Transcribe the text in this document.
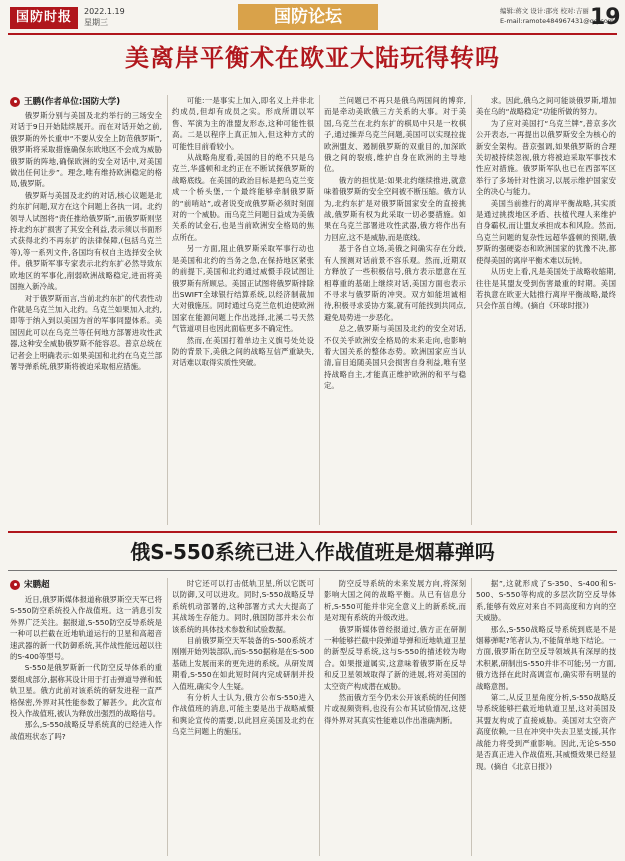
国防时报	2022.1.19
星期三	国防论坛	编辑:蒋文 设计:邵亮 校对:吉丽
E-mail:ramote484967431@qq.com
19
美离岸平衡术在欧亚大陆玩得转吗
王鹏(作者单位:国防大学)

俄罗斯分别与美国及北约举行的三场安全对话于9日开始陆续展开。而在对话开始之前,俄罗斯的外长重申“不要从安全上防范俄罗斯”,俄罗斯将采取措施确保东欧地区不会成为威胁俄罗斯的阵地,确保欧洲的安全对话中,对美国做出任何让步”。理念,唯有维持欧洲稳定的格局,俄罗斯。

俄罗斯与美国及北约的对话,核心议题是北约东扩问题,双方在这个问题上各执一词。北约领导人试图将“责任推给俄罗斯”,而俄罗斯则坚持北约东扩损害了其安全利益,表示须以书面形式获得北约不再东扩的法律保障,(包括乌克兰等),等一系列文件,各国均有权自主选择安全伙伴。俄罗斯军事专家表示北约东扩必然导致东欧地区的军事化,削弱欧洲战略稳定,进而将美国拖入新冷战。

对于俄罗斯而言,当前北约东扩的代表性动作就是乌克兰加入北约。乌克兰如果加入北约,即等于纳入到以美国为首的军事同盟体系。美国因此可以在乌克兰等任何地方部署进攻性武器,这种安全威胁俄罗斯不能容忍。普京总统在记者会上明确表示:如果美国和北约在乌克兰部署导弹系统,俄罗斯将被迫采取相应措施。

可能:一是事实上加入,即名义上并非北约成员,但却有成员之实。形成所谓以军售、军演为主的准盟友形态,这种可能性很高。二是以程序上真正加入,但这种方式的可能性目前看较小。

从战略角度看,美国的目的绝不只是乌克兰,华盛顿和北约正在不断试探俄罗斯的战略底线。在美国的政治目标是把乌克兰变成一个桥头堡,一个最终能够牵制俄罗斯的“前哨站”,或者说变成俄罗斯必须时刻面对的一个威胁。而乌克兰问题日益成为美俄关系的试金石,也是当前欧洲安全格局的焦点所在。

另一方面,阻止俄罗斯采取军事行动也是美国和北约的当务之急,在保持地区紧张的前提下,美国和北约通过威慑手段试图让俄罗斯有所顾忌。美国正试图将俄罗斯排除出SWIFT全球银行结算系统,以经济制裁加大对俄施压。同时通过乌克兰危机迫使欧洲国家在能源问题上作出选择,北溪二号天然气管道项目也因此面临更多不确定性。

然而,在美国打着单边主义旗号处处设防的背景下,美俄之间的战略互信严重缺失,对话难以取得实质性突破。

兰问题已不再只是俄乌两国间的博弈,而是牵动美欧俄三方关系的大事。对于美国,乌克兰在北约东扩的棋局中只是一枚棋子,通过操弄乌克兰问题,美国可以实现拉拢欧洲盟友、遏制俄罗斯的双重目的,加深欧俄之间的裂痕,维护自身在欧洲的主导地位。

俄方的担忧是:如果北约继续推进,就意味着俄罗斯的安全空间被不断压缩。俄方认为,北约东扩是对俄罗斯国家安全的直接挑战,俄罗斯有权为此采取一切必要措施。如果在乌克兰部署进攻性武器,俄方将作出有力回应,这不是威胁,而是底线。

基于各自立场,美俄之间确实存在分歧,有人预测对话前景不容乐观。然而,近期双方释放了一些积极信号,俄方表示愿意在互相尊重的基础上继续对话,美国方面也表示不寻求与俄罗斯的冲突。双方如能坦诚相待,积极寻求妥协方案,就有可能找到共同点,避免局势进一步恶化。

总之,俄罗斯与美国及北约的安全对话,不仅关乎欧洲安全格局的未来走向,也影响着大国关系的整体态势。欧洲国家应当认清,盲目追随美国只会损害自身利益,唯有坚持战略自主,才能真正维护欧洲的和平与稳定。

求。因此,俄乌之间可能谈俄罗斯,增加美在乌的“战略稳定”功能所做的努力。

为了应对美国打“乌克兰牌”,普京多次公开表态,一再提出以俄罗斯安全为核心的新安全架构。普京强调,如果俄罗斯的合理关切被持续忽视,俄方将被迫采取军事技术性应对措施。俄罗斯军队也已在西部军区举行了多场针对性演习,以展示维护国家安全的决心与能力。

美国当前推行的离岸平衡战略,其实质是通过挑拨地区矛盾、扶植代理人来维护自身霸权,而让盟友承担成本和风险。然而,乌克兰问题的复杂性远超华盛顿的预期,俄罗斯的强硬姿态和欧洲国家的犹豫不决,都使得美国的离岸平衡术难以玩转。

从历史上看,凡是美国处于战略收缩期,往往是其盟友受到伤害最重的时期。美国若执意在欧亚大陆推行离岸平衡战略,最终只会作茧自缚。(摘自《环球时报》)

俄S-550系统已进入作战值班是烟幕弹吗
宋鹏超

近日,俄罗斯媒体报道称俄罗斯空天军已将S-550防空系统投入作战值班。这一消息引发外界广泛关注。据报道,S-550防空反导系统是一种可以拦截在近地轨道运行的卫星和高超音速武器的新一代防御系统,其作战性能远超以往的S-400等型号。

S-550是俄罗斯新一代防空反导体系的重要组成部分,据称其设计用于打击弹道导弹和低轨卫星。俄方此前对该系统的研发进程一直严格保密,外界对其性能参数了解甚少。此次宣布投入作战值班,被认为释放出强烈的战略信号。

那么,S-550战略反导系统真的已经进入作战值班状态了吗?

时它还可以打击低轨卫星,所以它既可以防御,又可以进攻。同时,S-550战略反导系统机动部署的,这种部署方式大大提高了其战场生存能力。同时,俄国防部并未公布该系统的具体技术参数和试验数据。

目前俄罗斯空天军装备的S-500系统才刚刚开始列装部队,而S-550据称是在S-500基础上发展而来的更先进的系统。从研发周期看,S-550在如此短时间内完成研制并投入值班,确实令人生疑。

有分析人士认为,俄方公布S-550进入作战值班的消息,可能主要是出于战略威慑和舆论宣传的需要,以此回应美国及北约在乌克兰问题上的施压。

防空反导系统的未来发展方向,将深刻影响大国之间的战略平衡。从已有信息分析,S-550可能并非完全意义上的新系统,而是对现有系统的升级改进。

俄罗斯媒体曾经报道过,俄方正在研制一种能够拦截中段弹道导弹和近地轨道卫星的新型反导系统,这与S-550的描述较为吻合。如果报道属实,这意味着俄罗斯在反导和反卫星领域取得了新的进展,将对美国的太空资产构成潜在威胁。

然而俄方至今仍未公开该系统的任何图片或视频资料,也没有公布其试验情况,这使得外界对其真实性能难以作出准确判断。

据”,这就形成了S-350、S-400和S-500、S-550等构成的多层次防空反导体系,能够有效应对来自不同高度和方向的空天威胁。

那么,S-550战略反导系统到底是不是烟幕弹呢?笔者认为,不能简单地下结论。一方面,俄罗斯在防空反导领域具有深厚的技术积累,研制出S-550并非不可能;另一方面,俄方选择在此时高调宣布,确实带有明显的战略意图。

第二,从反卫星角度分析,S-550战略反导系统能够拦截近地轨道卫星,这对美国及其盟友构成了直接威胁。美国对太空资产高度依赖,一旦在冲突中失去卫星支援,其作战能力将受到严重影响。因此,无论S-550是否真正进入作战值班,其威慑效果已经显现。(摘自《北京日报》)
